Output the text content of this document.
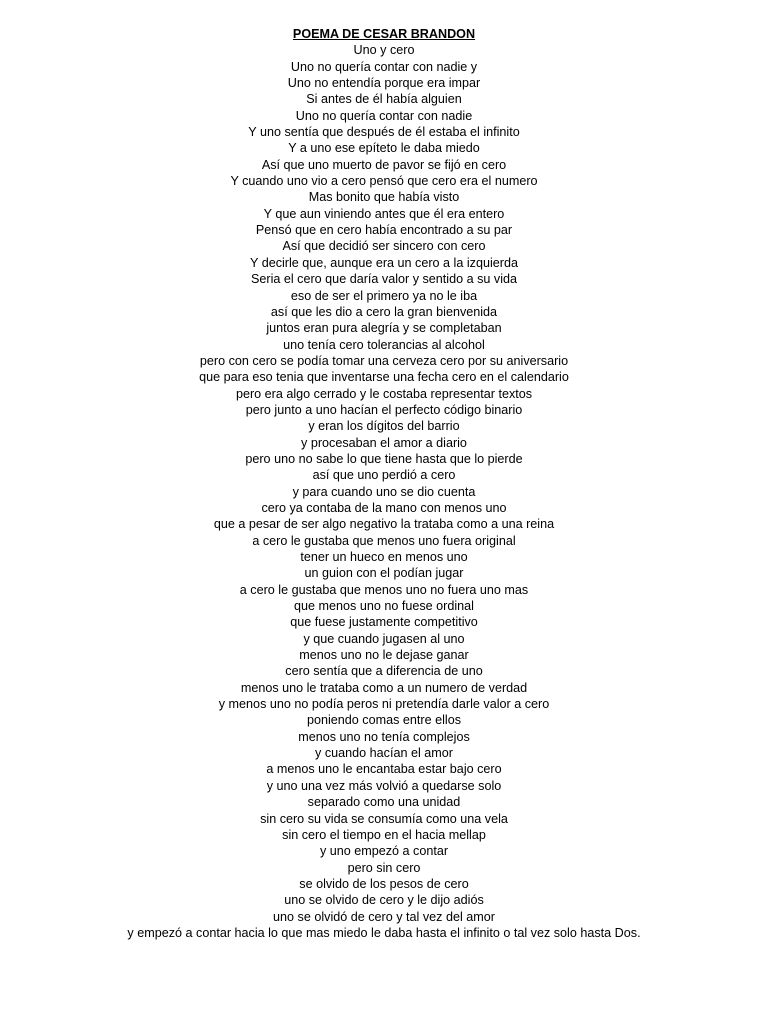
POEMA DE CESAR BRANDON
Uno y cero
Uno no quería contar con nadie y
Uno no entendía porque era impar
Si antes de él había alguien
Uno no quería contar con nadie
Y uno sentía que después de él estaba el infinito
Y a uno ese epíteto le daba miedo
Así que uno muerto de pavor se fijó en cero
Y cuando uno vio a cero pensó que cero era el numero
Mas bonito que había visto
Y que aun viniendo antes que él era entero
Pensó que en cero había encontrado a su par
Así que decidió ser sincero con cero
Y decirle que, aunque era un cero a la izquierda
Seria el cero que daría valor y sentido a su vida
eso de ser el primero ya no le iba
así que les dio a cero la gran bienvenida
juntos eran pura alegría y se completaban
uno tenía cero tolerancias al alcohol
pero con cero se podía tomar una cerveza cero por su aniversario
que para eso tenia que inventarse una fecha cero en el calendario
pero era algo cerrado y le costaba representar textos
pero junto a uno hacían el perfecto código binario
y eran los dígitos del barrio
y procesaban el amor a diario
pero uno no sabe lo que tiene hasta que lo pierde
así que uno perdió a cero
y para cuando uno se dio cuenta
cero ya contaba de la mano con menos uno
que a pesar de ser algo negativo la trataba como a una reina
a cero le gustaba que menos uno fuera original
tener un hueco en menos uno
un guion con el podían jugar
a cero le gustaba que menos uno no fuera uno mas
que menos uno no fuese ordinal
que fuese justamente competitivo
y que cuando jugasen al uno
menos uno no le dejase ganar
cero sentía que a diferencia de uno
menos uno le trataba como a un numero de verdad
y menos uno no podía peros ni pretendía darle valor a cero
poniendo comas entre ellos
menos uno no tenía complejos
y cuando hacían el amor
a menos uno le encantaba estar bajo cero
y uno una vez más volvió a quedarse solo
separado como una unidad
sin cero su vida se consumía como una vela
sin cero el tiempo en el hacia mellap
y uno empezó a contar
pero sin cero
se olvido de los pesos de cero
uno se olvido de cero y le dijo adiós
uno se olvidó de cero y tal vez del amor
y empezó a contar hacia lo que mas miedo le daba hasta el infinito o tal vez solo hasta Dos.
